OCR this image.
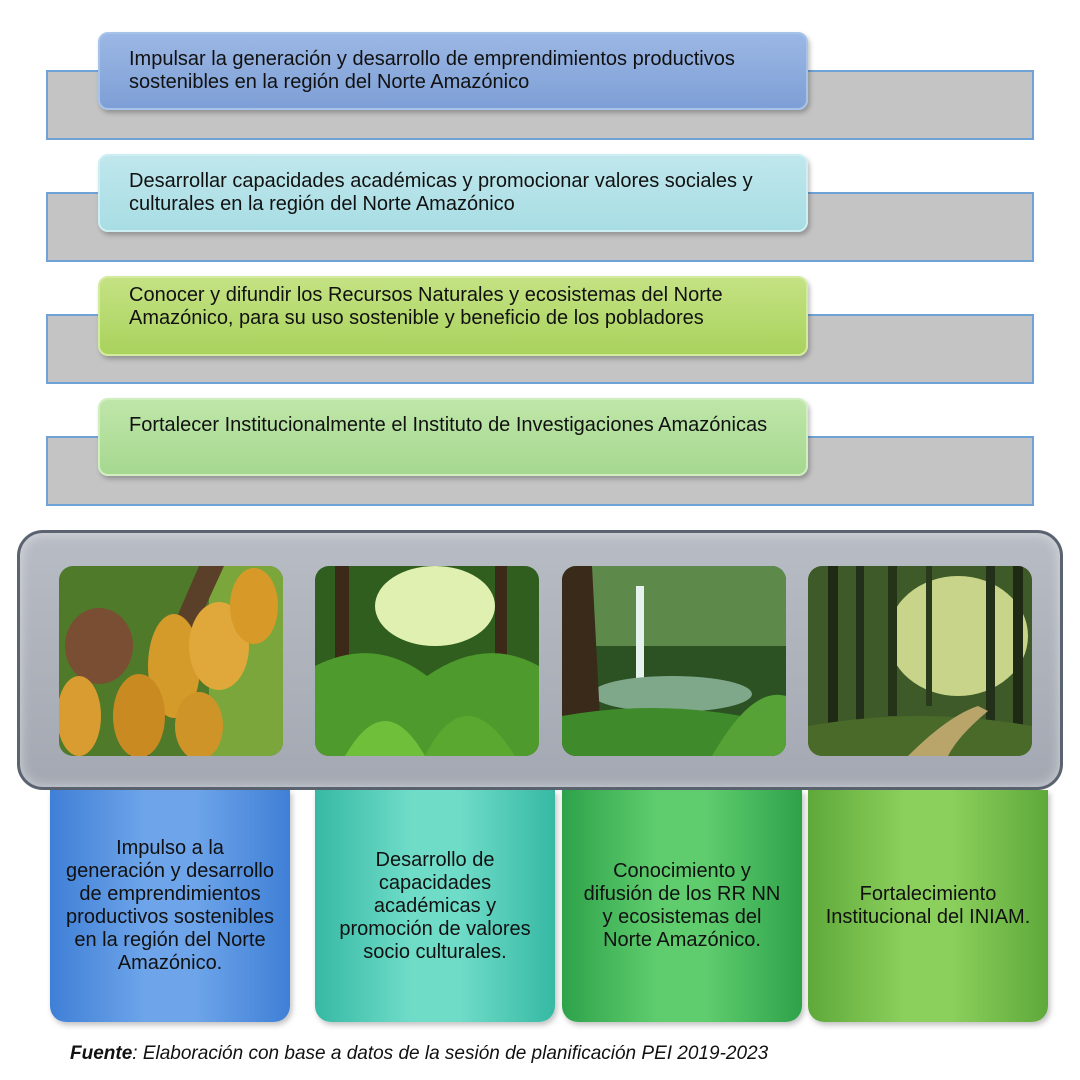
Impulsar la generación y desarrollo de emprendimientos productivos sostenibles en la región del Norte Amazónico
Desarrollar capacidades académicas y promocionar valores sociales y culturales en la región del Norte Amazónico
Conocer y difundir los Recursos Naturales y ecosistemas del Norte Amazónico, para su uso sostenible y beneficio de los pobladores
Fortalecer Institucionalmente el Instituto de Investigaciones Amazónicas
Impulso a la generación y desarrollo de emprendimientos productivos sostenibles en la región del Norte Amazónico.
Desarrollo de capacidades académicas y promoción de valores socio culturales.
Conocimiento y difusión de los RR NN y ecosistemas del Norte Amazónico.
Fortalecimiento Institucional del INIAM.
Fuente: Elaboración con base a datos de la sesión de planificación PEI 2019-2023
